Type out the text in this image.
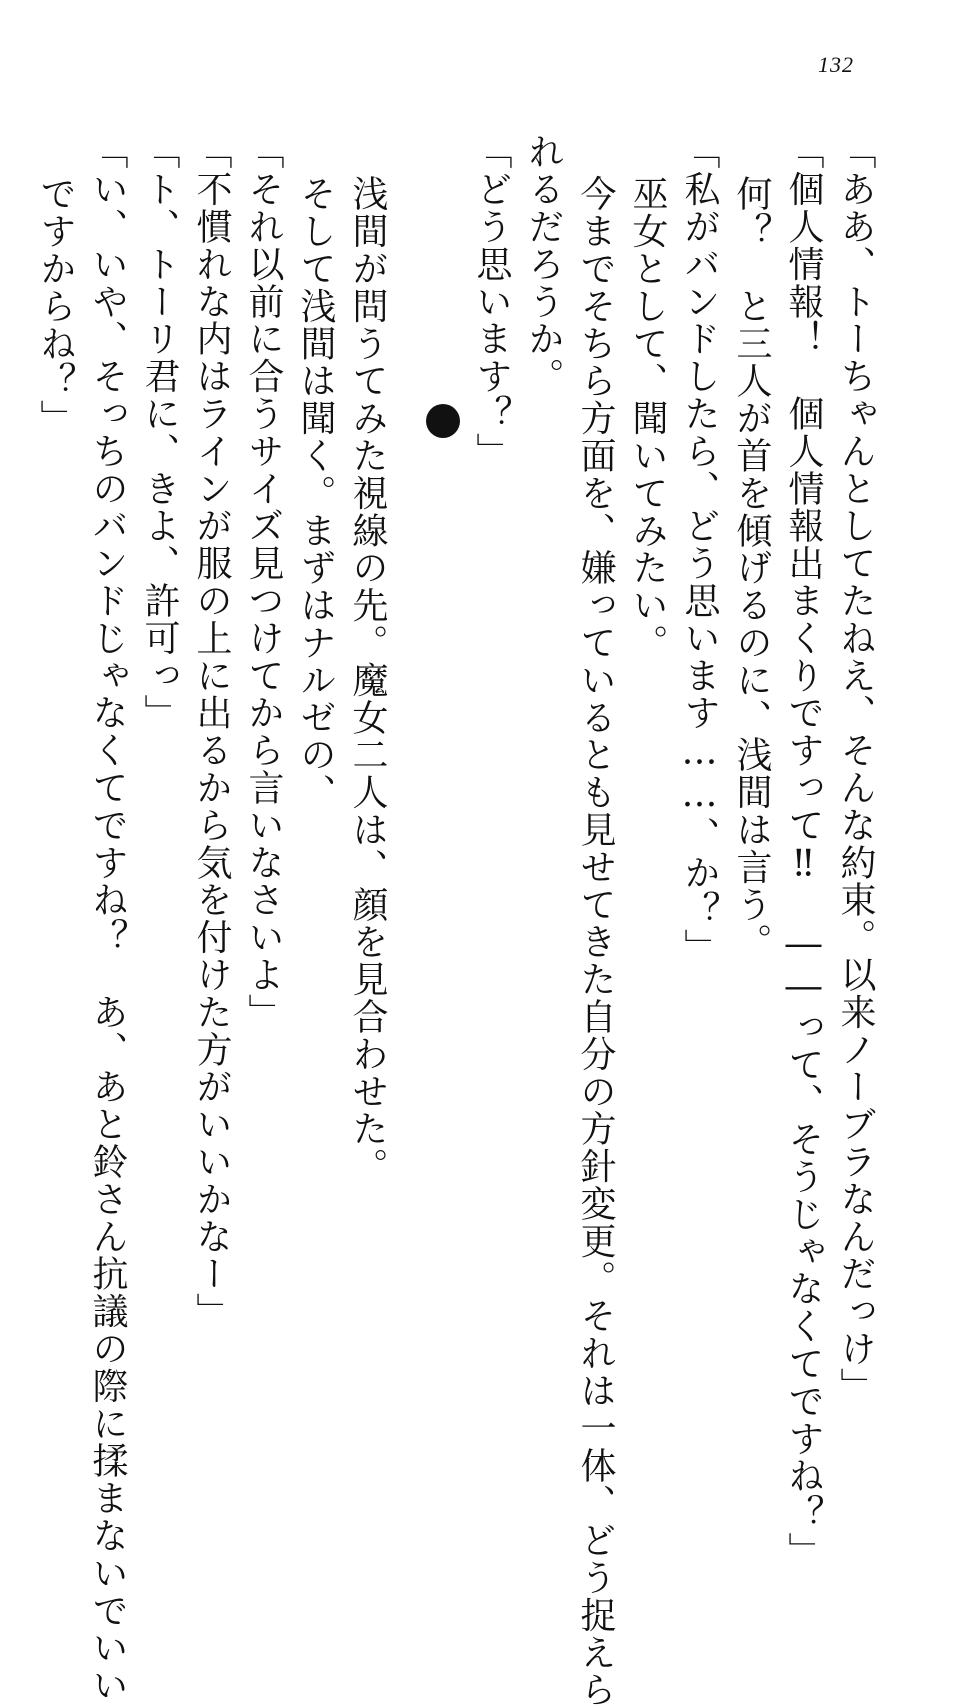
132
「ああ、トーちゃんとしてたねえ、そんな約束。以来ノーブラなんだっけ」
「個人情報！　個人情報出まくりですって‼　――って、そうじゃなくてですね？」
何？　と三人が首を傾げるのに、浅間は言う。
「私がバンドしたら、どう思います……、か？」
巫女として、聞いてみたい。
今までそちら方面を、嫌っているとも見せてきた自分の方針変更。それは一体、どう捉えら
れるだろうか。
「どう思います？」
浅間が問うてみた視線の先。魔女二人は、顔を見合わせた。
そして浅間は聞く。まずはナルゼの、
「それ以前に合うサイズ見つけてから言いなさいよ」
「不慣れな内はラインが服の上に出るから気を付けた方がいいかなー」
「ト、トーリ君に、きよ、許可っ」
「い、いや、そっちのバンドじゃなくてですね？　あ、あと鈴さん抗議の際に揉まないでいい
ですからね？」
